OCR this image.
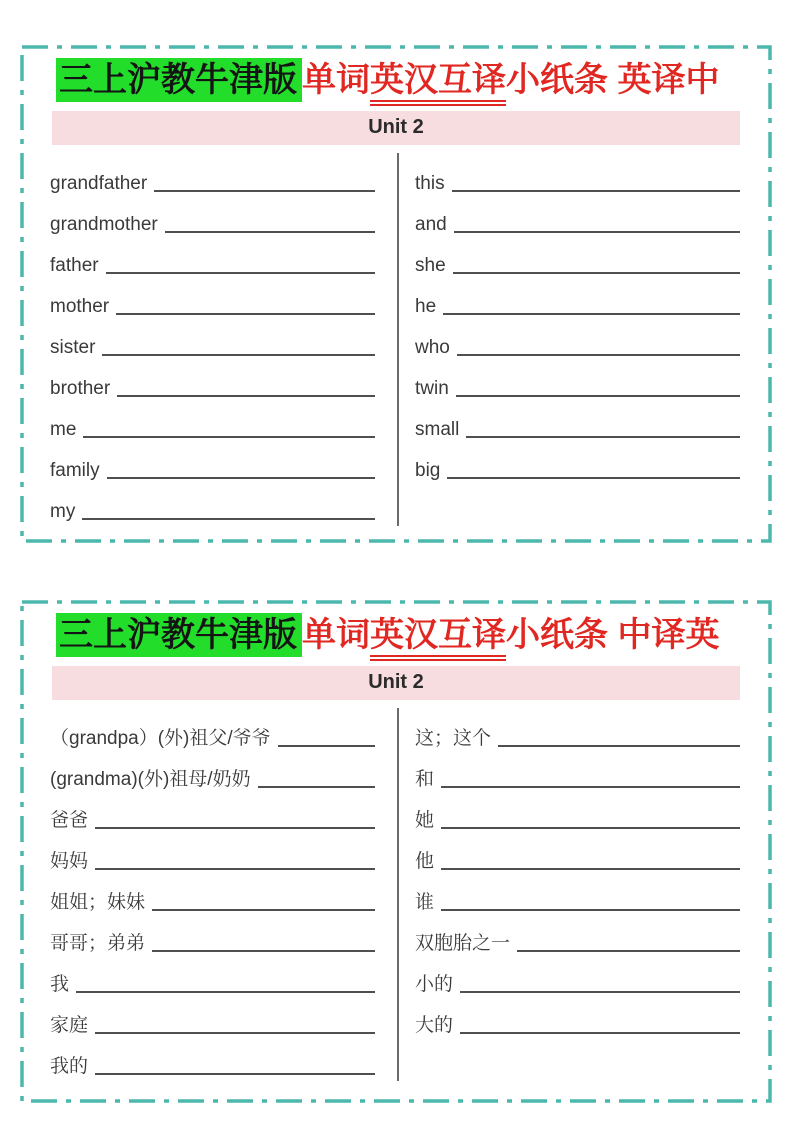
三上沪教牛津版 单词英汉互译小纸条 英译中
Unit 2
grandfather
grandmother
father
mother
sister
brother
me
family
my
this
and
she
he
who
twin
small
big
三上沪教牛津版 单词英汉互译小纸条 中译英
Unit 2
（grandpa）(外)祖父/爷爷
(grandma)(外)祖母/奶奶
爸爸
妈妈
姐姐；妹妹
哥哥；弟弟
我
家庭
我的
这；这个
和
她
他
谁
双胞胎之一
小的
大的
